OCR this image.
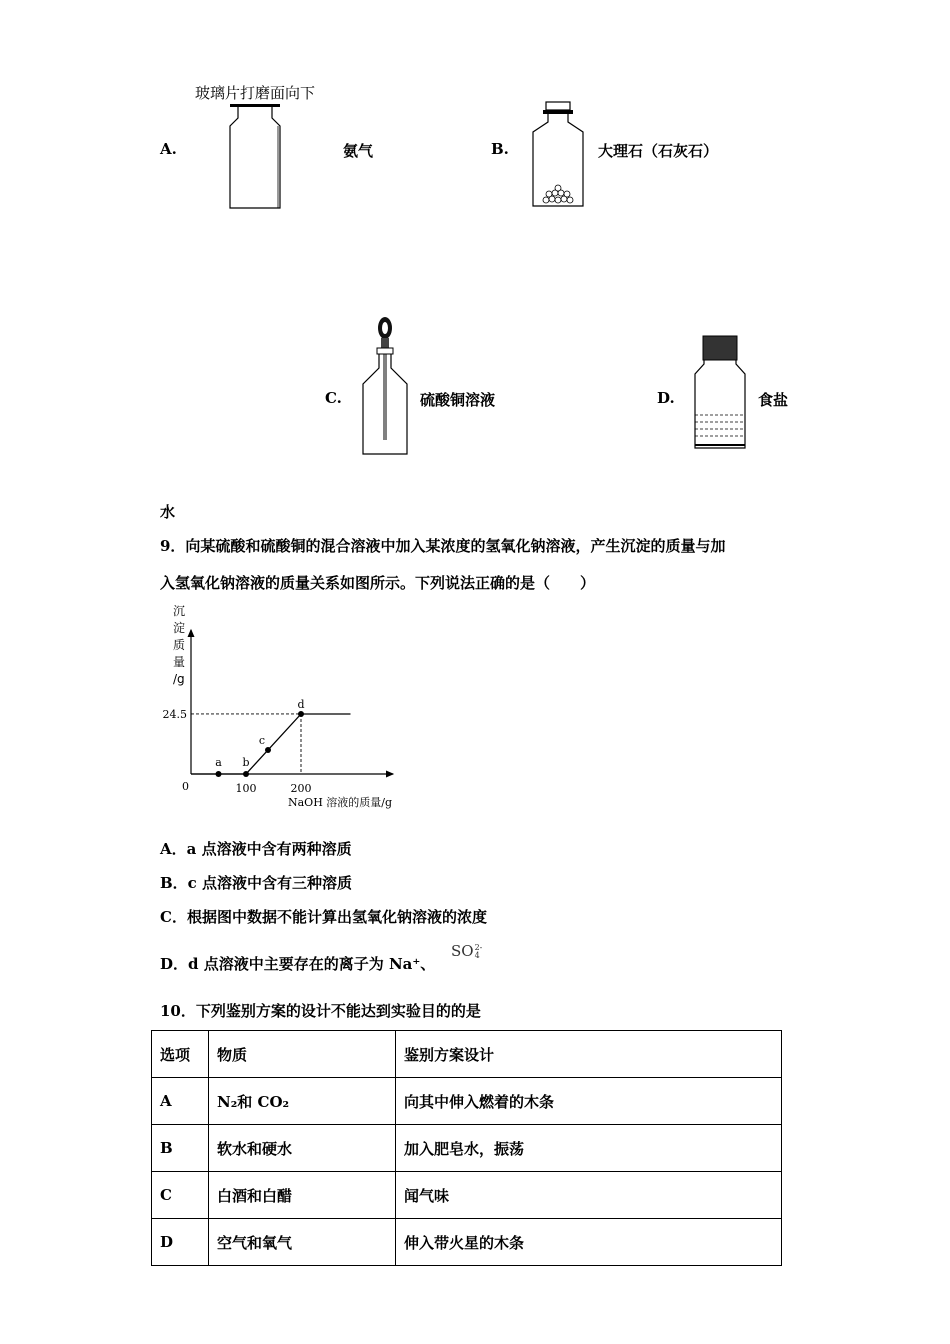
玻璃片打磨面向下
A.	氨气	B.	大理石（石灰石）
C.	硫酸铜溶液	D.	食盐
水
9．向某硫酸和硫酸铜的混合溶液中加入某浓度的氢氧化钠溶液，产生沉淀的质量与加
入氢氧化钠溶液的质量关系如图所示。下列说法正确的是（　　）
沉
淀
质
量
/g
a b
c
d
0	100	200
24.5
NaOH 溶液的质量/g
A．a 点溶液中含有两种溶质
B．c 点溶液中含有三种溶质
C．根据图中数据不能计算出氢氧化钠溶液的浓度
D．d 点溶液中主要存在的离子为 Na⁺、
SO2-
4
10．下列鉴别方案的设计不能达到实验目的的是
选项	物质	鉴别方案设计
A	N₂和 CO₂	向其中伸入燃着的木条
B	软水和硬水	加入肥皂水，振荡
C	白酒和白醋	闻气味
D	空气和氧气	伸入带火星的木条
